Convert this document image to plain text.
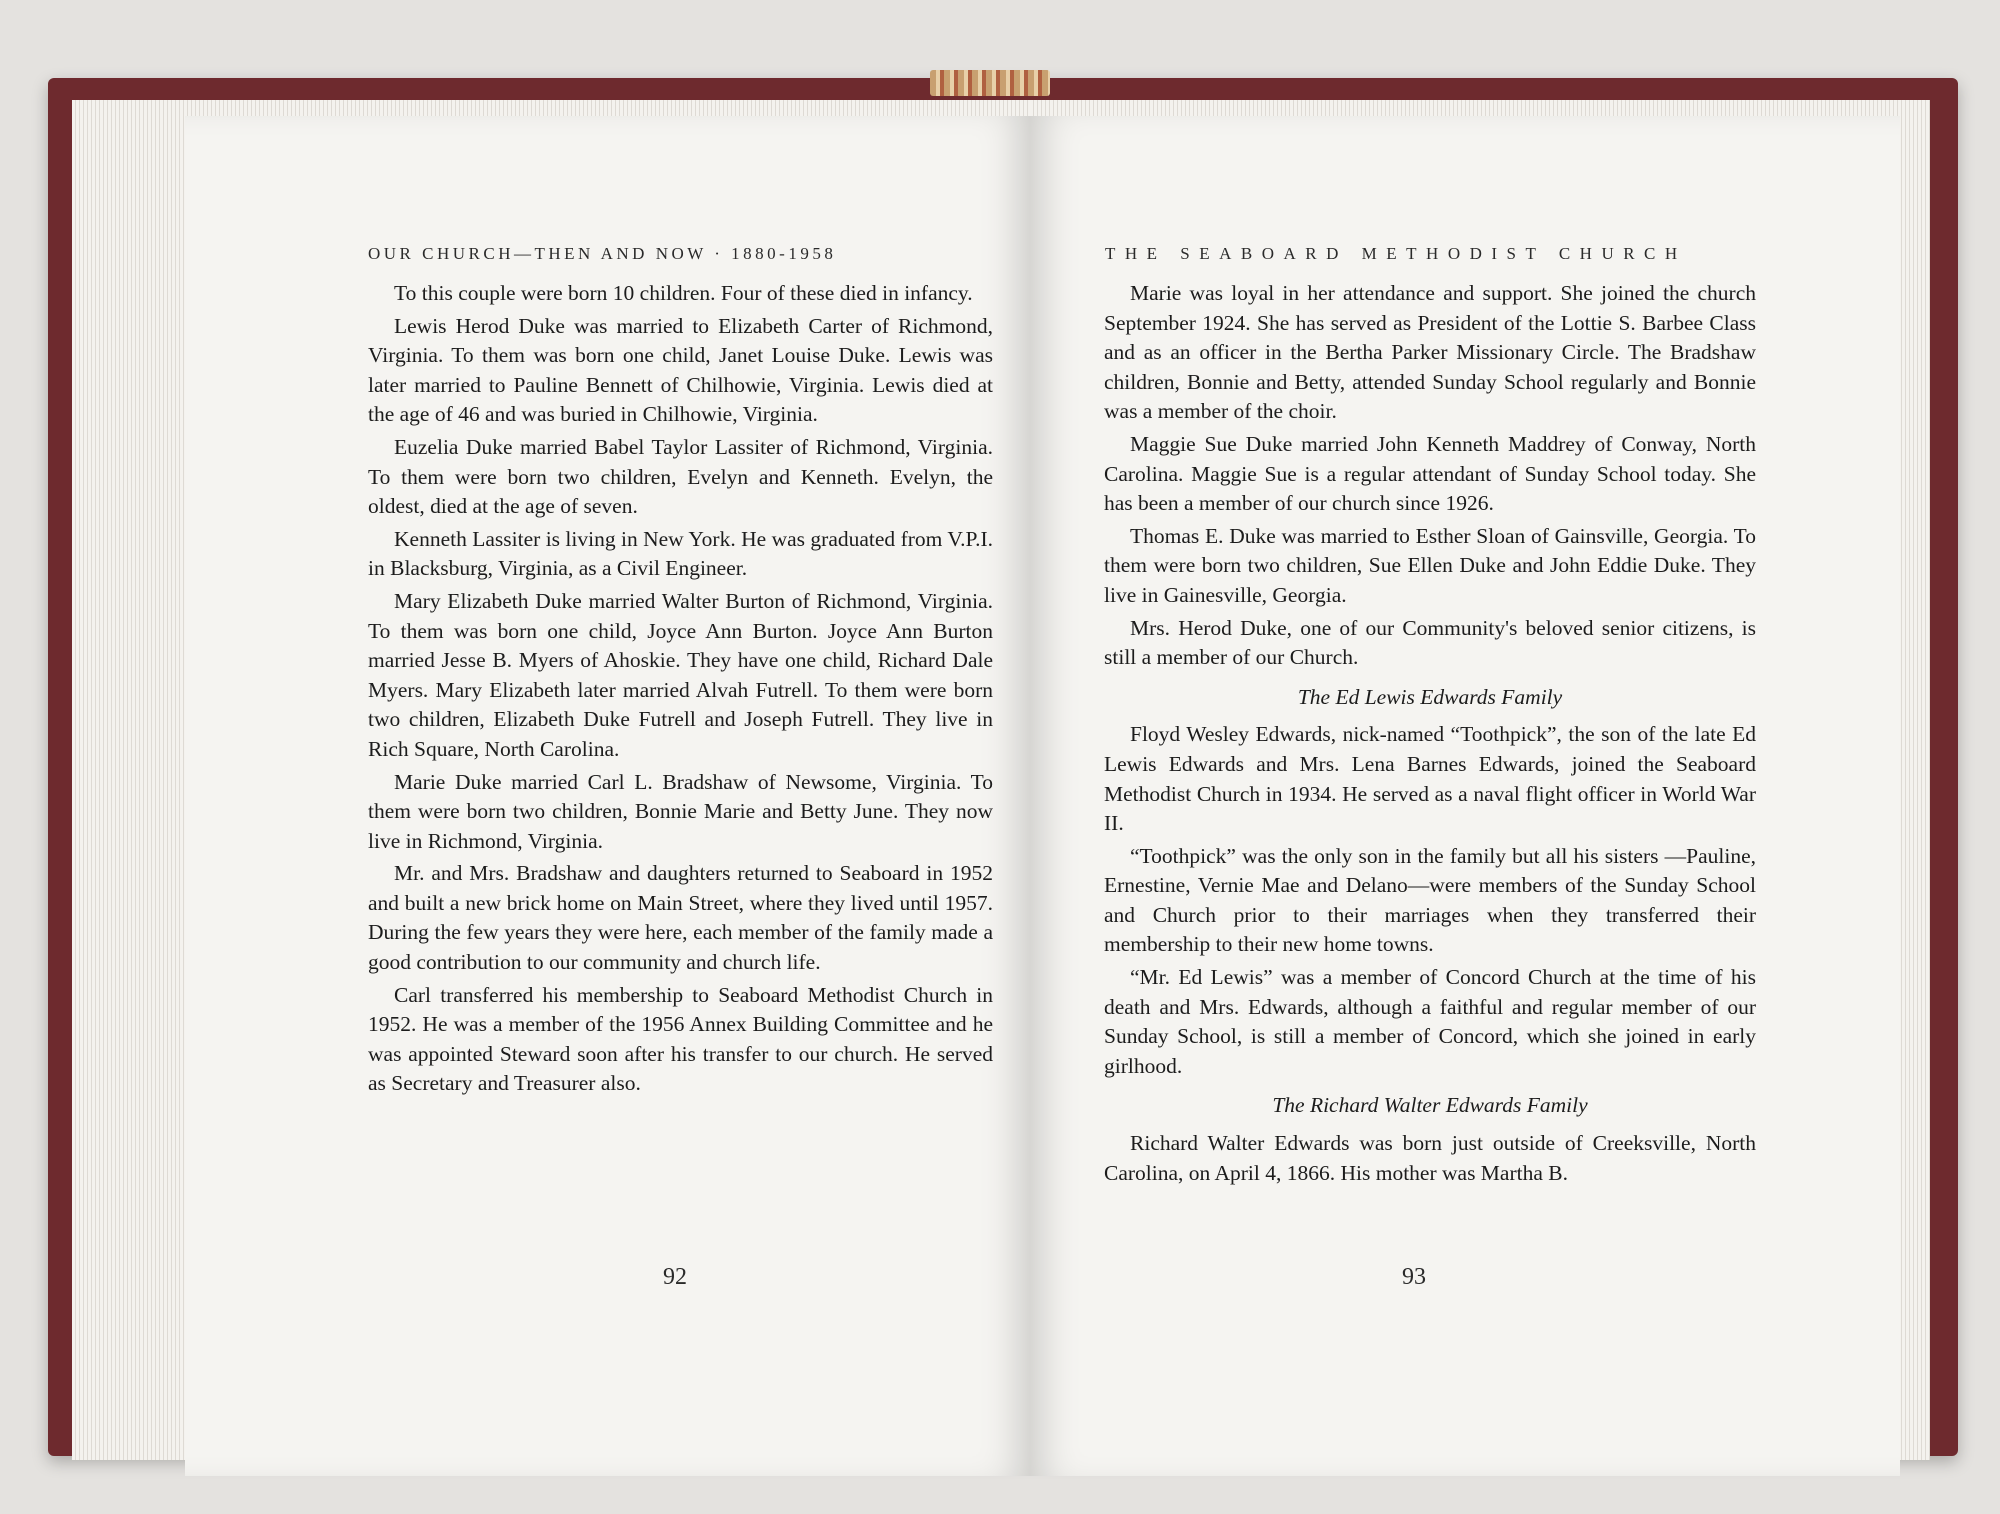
OUR CHURCH—THEN AND NOW · 1880-1958

To this couple were born 10 children. Four of these died in infancy.

Lewis Herod Duke was married to Elizabeth Carter of Richmond, Virginia. To them was born one child, Janet Louise Duke. Lewis was later married to Pauline Bennett of Chilhowie, Virginia. Lewis died at the age of 46 and was buried in Chilhowie, Virginia.

Euzelia Duke married Babel Taylor Lassiter of Richmond, Virginia. To them were born two children, Evelyn and Kenneth. Evelyn, the oldest, died at the age of seven.

Kenneth Lassiter is living in New York. He was graduated from V.P.I. in Blacksburg, Virginia, as a Civil Engineer.

Mary Elizabeth Duke married Walter Burton of Richmond, Virginia. To them was born one child, Joyce Ann Burton. Joyce Ann Burton married Jesse B. Myers of Ahoskie. They have one child, Richard Dale Myers. Mary Elizabeth later married Alvah Futrell. To them were born two children, Elizabeth Duke Futrell and Joseph Futrell. They live in Rich Square, North Carolina.

Marie Duke married Carl L. Bradshaw of Newsome, Virginia. To them were born two children, Bonnie Marie and Betty June. They now live in Richmond, Virginia.

Mr. and Mrs. Bradshaw and daughters returned to Seaboard in 1952 and built a new brick home on Main Street, where they lived until 1957. During the few years they were here, each member of the family made a good contribution to our community and church life.

Carl transferred his membership to Seaboard Methodist Church in 1952. He was a member of the 1956 Annex Building Committee and he was appointed Steward soon after his transfer to our church. He served as Secretary and Treasurer also.

92
THE SEABOARD METHODIST CHURCH

Marie was loyal in her attendance and support. She joined the church September 1924. She has served as President of the Lottie S. Barbee Class and as an officer in the Bertha Parker Missionary Circle. The Bradshaw children, Bonnie and Betty, attended Sunday School regularly and Bonnie was a member of the choir.

Maggie Sue Duke married John Kenneth Maddrey of Conway, North Carolina. Maggie Sue is a regular attendant of Sunday School today. She has been a member of our church since 1926.

Thomas E. Duke was married to Esther Sloan of Gainsville, Georgia. To them were born two children, Sue Ellen Duke and John Eddie Duke. They live in Gainesville, Georgia.

Mrs. Herod Duke, one of our Community's beloved senior citizens, is still a member of our Church.

The Ed Lewis Edwards Family

Floyd Wesley Edwards, nick-named “Toothpick”, the son of the late Ed Lewis Edwards and Mrs. Lena Barnes Edwards, joined the Seaboard Methodist Church in 1934. He served as a naval flight officer in World War II.

“Toothpick” was the only son in the family but all his sisters —Pauline, Ernestine, Vernie Mae and Delano—were members of the Sunday School and Church prior to their marriages when they transferred their membership to their new home towns.

“Mr. Ed Lewis” was a member of Concord Church at the time of his death and Mrs. Edwards, although a faithful and regular member of our Sunday School, is still a member of Concord, which she joined in early girlhood.

The Richard Walter Edwards Family

Richard Walter Edwards was born just outside of Creeksville, North Carolina, on April 4, 1866. His mother was Martha B.

93
